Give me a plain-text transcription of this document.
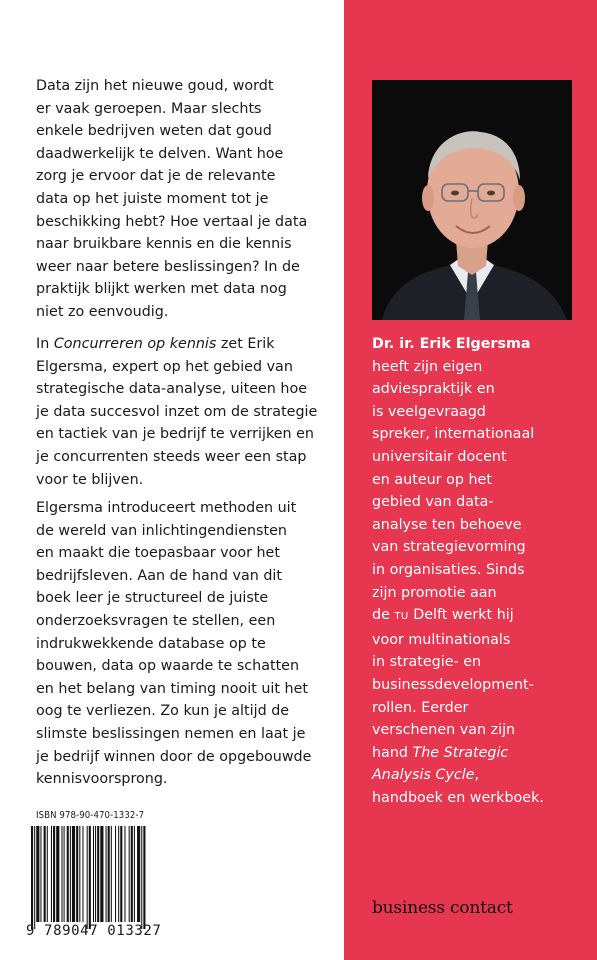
Data zijn het nieuwe goud, wordt
er vaak geroepen. Maar slechts
enkele bedrijven weten dat goud
daadwerkelijk te delven. Want hoe
zorg je ervoor dat je de relevante
data op het juiste moment tot je
beschikking hebt? Hoe vertaal je data
naar bruikbare kennis en die kennis
weer naar betere beslissingen? In de
praktijk blijkt werken met data nog
niet zo eenvoudig.
In Concurreren op kennis zet Erik
Elgersma, expert op het gebied van
strategische data-analyse, uiteen hoe
je data succesvol inzet om de strategie
en tactiek van je bedrijf te verrijken en
je concurrenten steeds weer een stap
voor te blijven.
Elgersma introduceert methoden uit
de wereld van inlichtingendiensten
en maakt die toepasbaar voor het
bedrijfsleven. Aan de hand van dit
boek leer je structureel de juiste
onderzoeksvragen te stellen, een
indrukwekkende database op te
bouwen, data op waarde te schatten
en het belang van timing nooit uit het
oog te verliezen. Zo kun je altijd de
slimste beslissingen nemen en laat je
je bedrijf winnen door de opgebouwde
kennisvoorsprong.
ISBN 978-90-470-1332-7
9 789047 013327
Dr. ir. Erik Elgersma
heeft zijn eigen
adviespraktijk en
is veelgevraagd
spreker, internationaal
universitair docent
en auteur op het
gebied van data-
analyse ten behoeve
van strategievorming
in organisaties. Sinds
zijn promotie aan
de TU Delft werkt hij
voor multinationals
in strategie- en
businessdevelopment-
rollen. Eerder
verschenen van zijn
hand The Strategic
Analysis Cycle,
handboek en werkboek.
business contact
